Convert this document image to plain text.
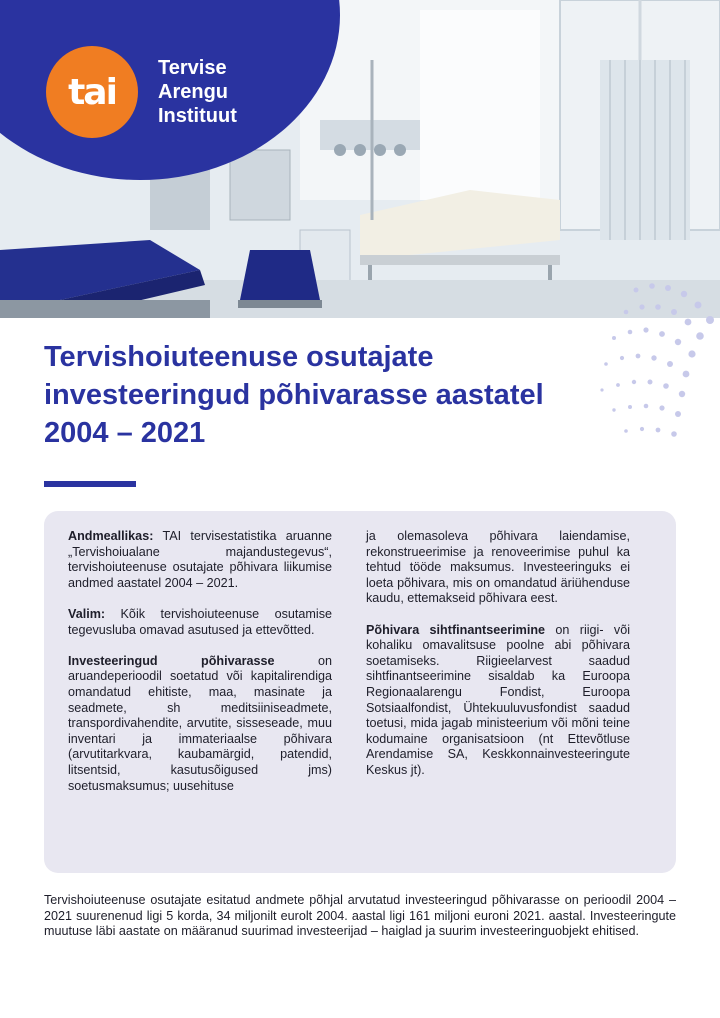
tai
Tervise
Arengu
Instituut
Tervishoiuteenuse osutajate investeeringud põhivarasse aastatel 2004 – 2021

Andmeallikas: TAI tervisestatistika aruanne „Tervishoiualane majandustegevus“, tervishoiuteenuse osutajate põhivara liikumise andmed aastatel 2004 – 2021.

Valim: Kõik tervishoiuteenuse osutamise tegevusluba omavad asutused ja ettevõtted.

Investeeringud põhivarasse on aruandeperioodil soetatud või kapitalirendiga omandatud ehitiste, maa, masinate ja seadmete, sh meditsiiniseadmete, transpordivahendite, arvutite, sisseseade, muu inventari ja immateriaalse põhivara (arvutitarkvara, kaubamärgid, patendid, litsentsid, kasutusõigused jms) soetusmaksumus; uusehituse

ja olemasoleva põhivara laiendamise, rekonstrueerimise ja renoveerimise puhul ka tehtud tööde maksumus. Investeeringuks ei loeta põhivara, mis on omandatud äriühenduse kaudu, ettemakseid põhivara eest.

Põhivara sihtfinantseerimine on riigi- või kohaliku omavalitsuse poolne abi põhivara soetamiseks. Riigieelarvest saadud sihtfinantseerimine sisaldab ka Euroopa Regionaalarengu Fondist, Euroopa Sotsiaalfondist, Ühtekuuluvusfondist saadud toetusi, mida jagab ministeerium või mõni teine kodumaine organisatsioon (nt Ettevõtluse Arendamise SA, Keskkonnainvesteeringute Keskus jt).

Tervishoiuteenuse osutajate esitatud andmete põhjal arvutatud investeeringud põhivarasse on perioodil 2004 – 2021 suurenenud ligi 5 korda, 34 miljonilt eurolt 2004. aastal ligi 161 miljoni euroni 2021. aastal. Investeeringute muutuse läbi aastate on määranud suurimad investeerijad – haiglad ja suurim investeeringuobjekt ehitised.
